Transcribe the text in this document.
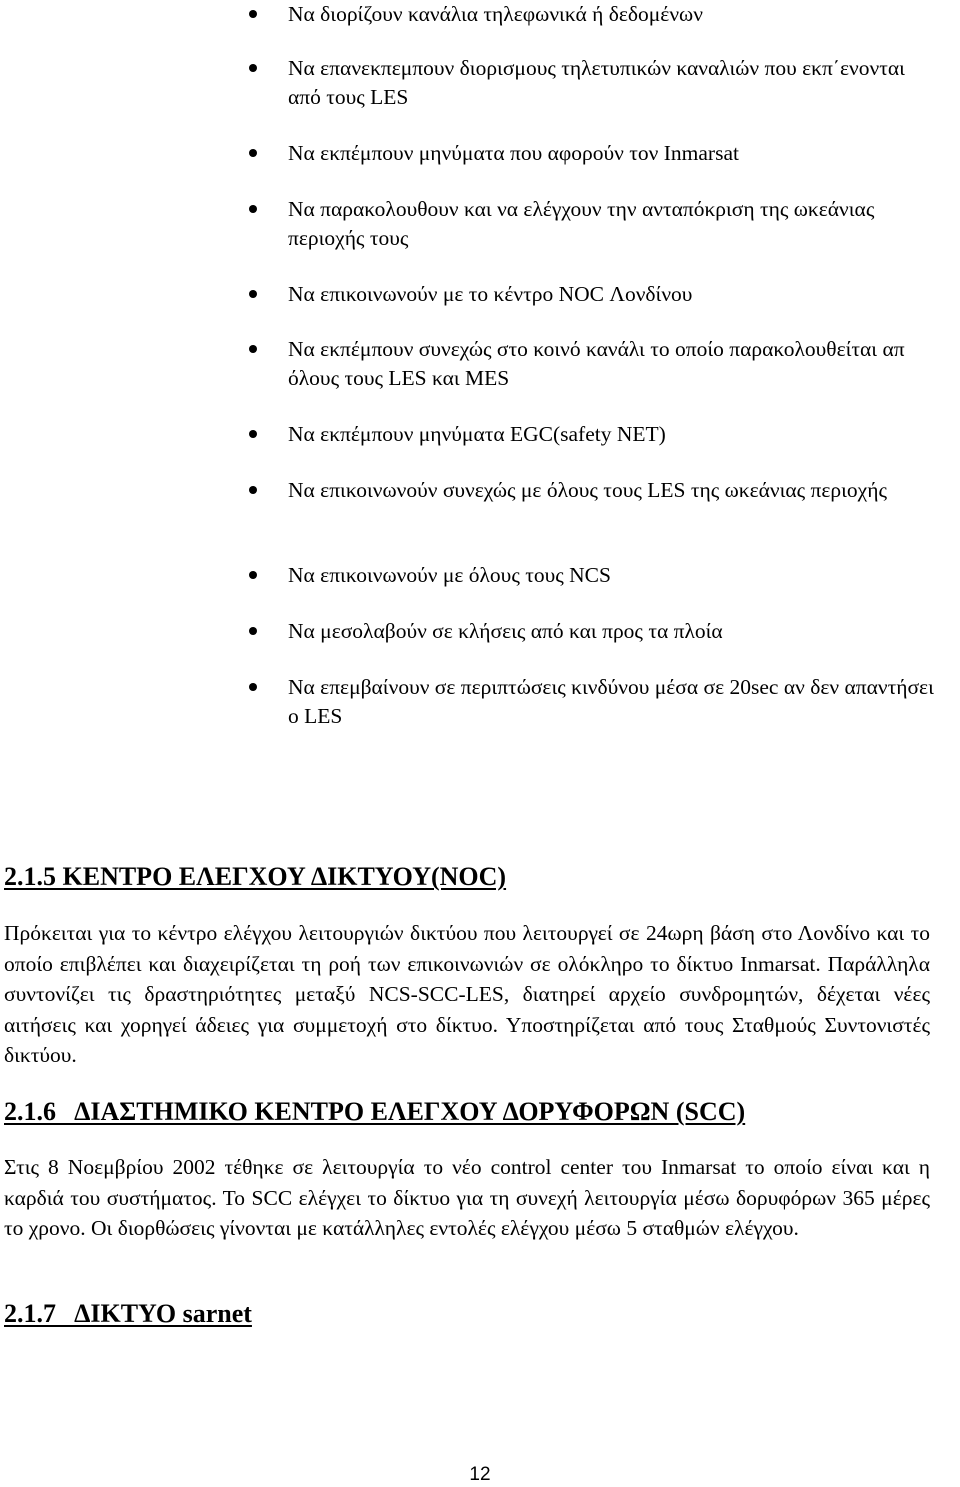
Να διορίζουν κανάλια τηλεφωνικά ή δεδομένων
Να επανεκπεμπουν διορισμους τηλετυπικών καναλιών που εκπ΄ενονται από τους LES
Να εκπέμπουν μηνύματα που αφορούν τον Inmarsat
Να παρακολουθουν και να ελέγχουν την ανταπόκριση της ωκεάνιας περιοχής τους
Να επικοινωνούν με το κέντρο NOC Λονδίνου
Να εκπέμπουν συνεχώς στο κοινό κανάλι το οποίο παρακολουθείται απ όλους τους LES και MES
Να εκπέμπουν μηνύματα EGC(safety NET)
Να επικοινωνούν συνεχώς με όλους τους LES της ωκεάνιας περιοχής
Να επικοινωνούν με όλους τους NCS
Να μεσολαβούν σε κλήσεις από και προς τα πλοία
Να επεμβαίνουν σε περιπτώσεις κινδύνου μέσα σε 20sec αν δεν απαντήσει ο LES
2.1.5 ΚΕΝΤΡΟ ΕΛΕΓΧΟΥ ΔΙΚΤΥΟΥ(NOC)
Πρόκειται για το κέντρο ελέγχου λειτουργιών δικτύου που λειτουργεί σε 24ωρη βάση στο Λονδίνο και το οποίο επιβλέπει και διαχειρίζεται τη ροή των επικοινωνιών σε ολόκληρο το δίκτυο Inmarsat. Παράλληλα συντονίζει τις δραστηριότητες μεταξύ NCS-SCC-LES, διατηρεί αρχείο συνδρομητών, δέχεται νέες αιτήσεις και χορηγεί άδειες για συμμετοχή στο δίκτυο. Υποστηρίζεται από τους Σταθμούς Συντονιστές δικτύου.
2.1.6   ΔΙΑΣΤΗΜΙΚΟ ΚΕΝΤΡΟ ΕΛΕΓΧΟΥ ΔΟΡΥΦΟΡΩΝ (SCC)
Στις 8 Νοεμβρίου 2002 τέθηκε σε λειτουργία το νέο control center του Inmarsat το οποίο είναι και η καρδιά του συστήματος. Το SCC ελέγχει το δίκτυο για τη συνεχή λειτουργία μέσω δορυφόρων 365 μέρες το χρονο. Οι διορθώσεις γίνονται με κατάλληλες εντολές ελέγχου μέσω 5 σταθμών ελέγχου.
2.1.7   ΔΙΚΤΥΟ sarnet
12
